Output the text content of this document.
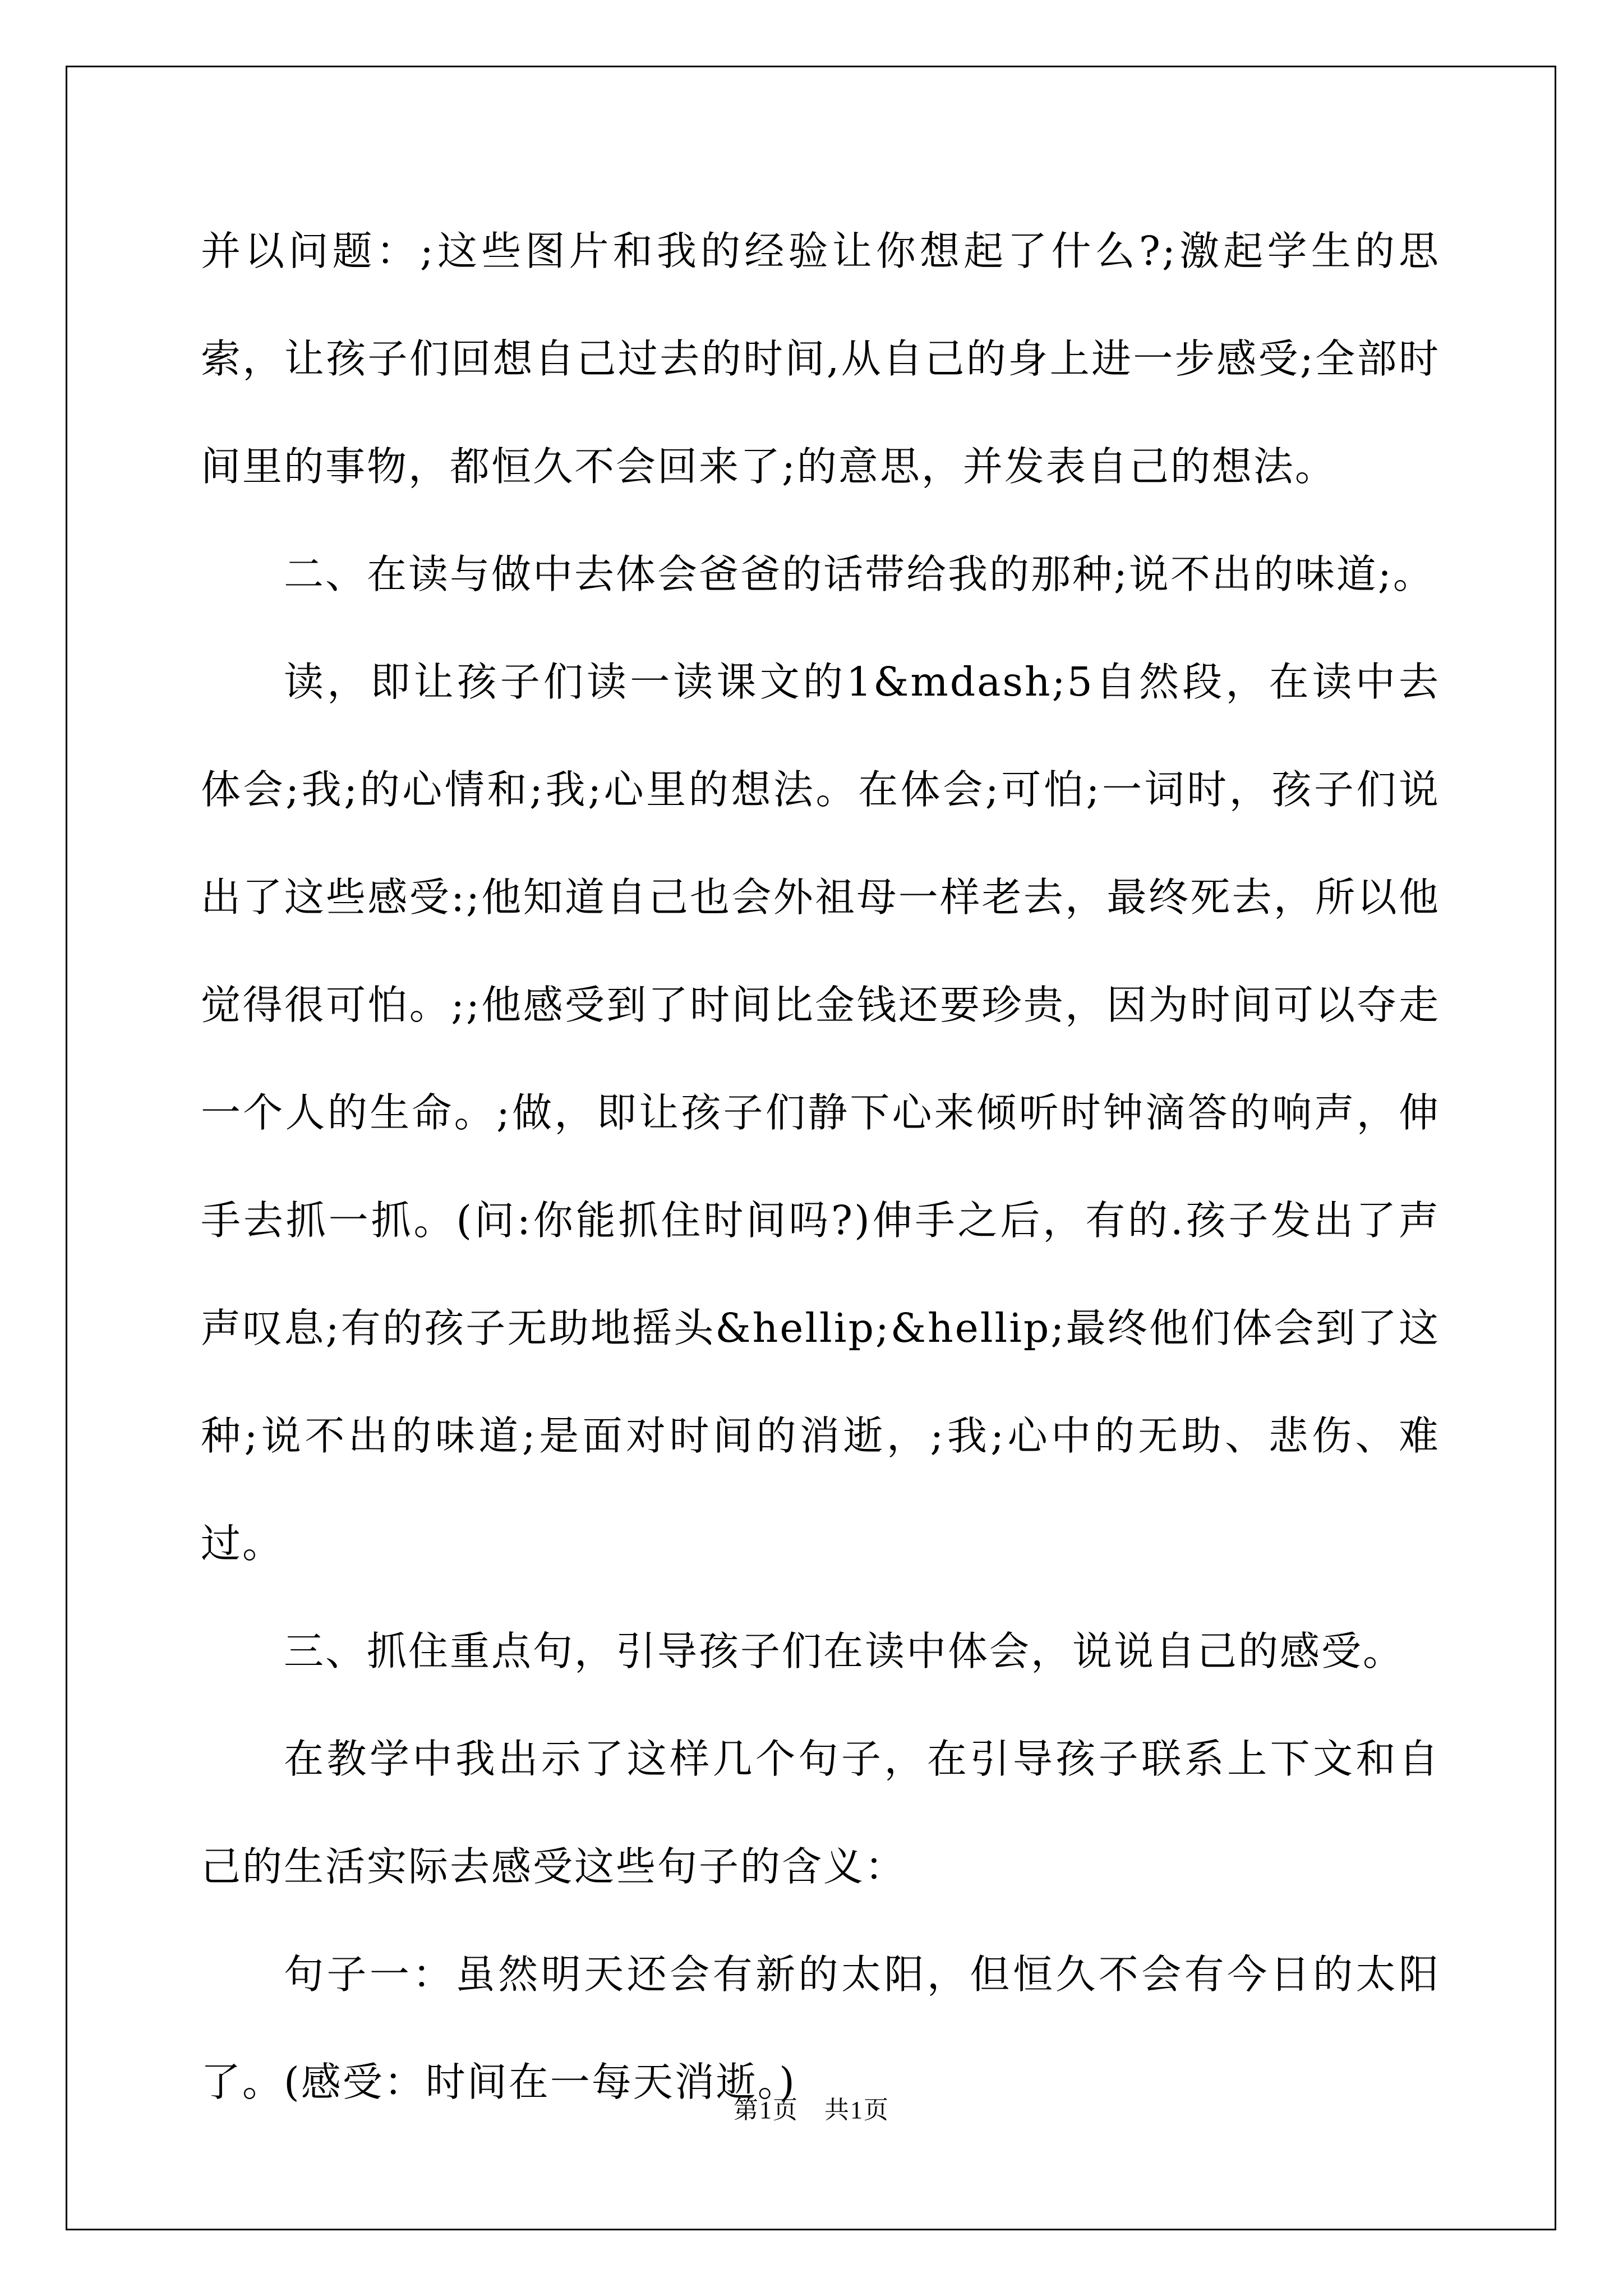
并以问题：;这些图片和我的经验让你想起了什么?;激起学生的思索，让孩子们回想自己过去的时间,从自己的身上进一步感受;全部时间里的事物，都恒久不会回来了;的意思，并发表自己的想法。

二、在读与做中去体会爸爸的话带给我的那种;说不出的味道;。

读，即让孩子们读一读课文的1&mdash;5自然段，在读中去体会;我;的心情和;我;心里的想法。在体会;可怕;一词时，孩子们说出了这些感受:;他知道自己也会外祖母一样老去，最终死去，所以他觉得很可怕。;;他感受到了时间比金钱还要珍贵，因为时间可以夺走一个人的生命。;做，即让孩子们静下心来倾听时钟滴答的响声，伸手去抓一抓。(问:你能抓住时间吗?)伸手之后，有的.孩子发出了声声叹息;有的孩子无助地摇头&hellip;&hellip;最终他们体会到了这种;说不出的味道;是面对时间的消逝，;我;心中的无助、悲伤、难过。

三、抓住重点句，引导孩子们在读中体会，说说自己的感受。

在教学中我出示了这样几个句子，在引导孩子联系上下文和自己的生活实际去感受这些句子的含义：

句子一：虽然明天还会有新的太阳，但恒久不会有今日的太阳了。(感受：时间在一每天消逝。)

第1页　共1页
